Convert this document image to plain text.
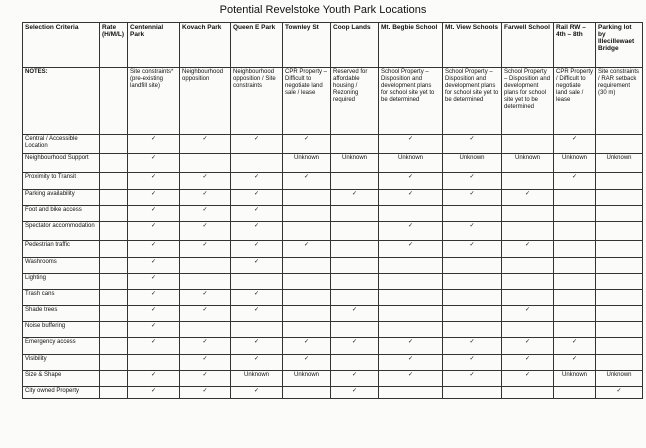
Potential Revelstoke Youth Park Locations
Selection Criteria	Rate (H/M/L)	Centennial Park	Kovach Park	Queen E Park	Townley St	Coop Lands	Mt. Begbie School	Mt. View Schools	Farwell School	Rail RW – 4th – 8th	Parking lot by Illecillewaet Bridge
NOTES:		Site constraints* (pre-existing landfill site)	Neighbourhood opposition	Neighbourhood opposition / Site constraints	CPR Property – Difficult to negotiate land sale / lease	Reserved for affordable housing / Rezoning required	School Property – Disposition and development plans for school site yet to be determined	School Property – Disposition and development plans for school site yet to be determined	School Property – Disposition and development plans for school site yet to be determined	CPR Property / Difficult to negotiate land sale / lease	Site constraints / RAR setback requirement (30 m)
Central / Accessible Location		✓	✓	✓	✓		✓	✓		✓	
Neighbourhood Support		✓			Unknown	Unknown	Unknown	Unknown	Unknown	Unknown	Unknown
Proximity to Transit		✓	✓	✓	✓		✓	✓		✓	
Parking availability		✓	✓	✓		✓	✓	✓	✓		
Foot and bike access		✓	✓	✓							
Spectator accommodation		✓	✓	✓			✓	✓			
Pedestrian traffic		✓	✓	✓	✓		✓	✓	✓		
Washrooms		✓		✓							
Lighting		✓									
Trash cans		✓	✓	✓							
Shade trees		✓	✓	✓		✓			✓		
Noise buffering		✓									
Emergency access		✓	✓	✓	✓	✓	✓	✓	✓	✓	
Visibility			✓	✓	✓		✓	✓	✓	✓	
Size & Shape		✓	✓	Unknown	Unknown	✓	✓	✓	✓	Unknown	Unknown
City owned Property		✓	✓	✓		✓					✓
